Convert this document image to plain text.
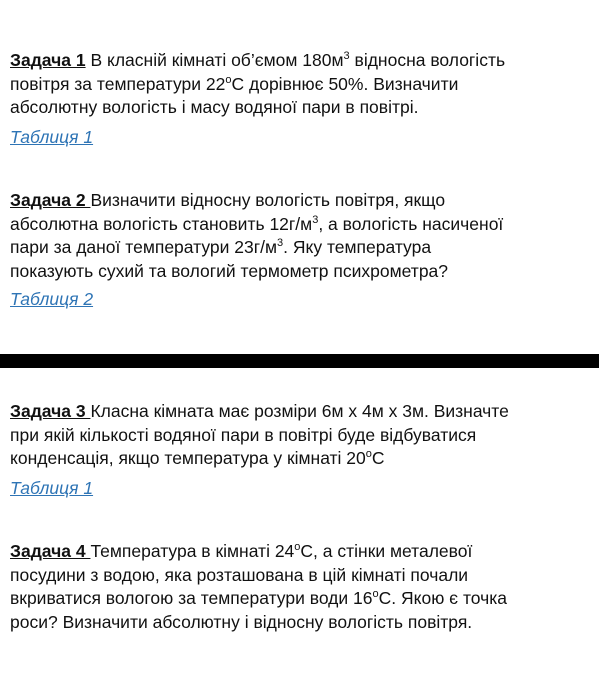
Задача 1 В класній кімнаті об’ємом $180м^3$ відносна вологість
повітря за температури 22$^o$С дорівнює 50%. Визначити
абсолютну вологість і масу водяної пари в повітрі.
Таблиця 1
Задача 2 Визначити відносну вологість повітря, якщо
абсолютна вологість становить $12г/м^3$, а вологість насиченої
пари за даної температури $23г/м^3$. Яку температура
показують сухий та вологий термометр психрометра?
Таблиця 2
Задача 3 Класна кімната має розміри 6м х 4м х 3м. Визначте
при якій кількості водяної пари в повітрі буде відбуватися
конденсація, якщо температура у кімнаті 20$^o$С
Таблиця 1
Задача 4 Температура в кімнаті 24$^o$С, а стінки металевої
посудини з водою, яка розташована в цій кімнаті почали
вкриватися вологою за температури води 16$^o$С. Якою є точка
роси? Визначити абсолютну і відносну вологість повітря.
